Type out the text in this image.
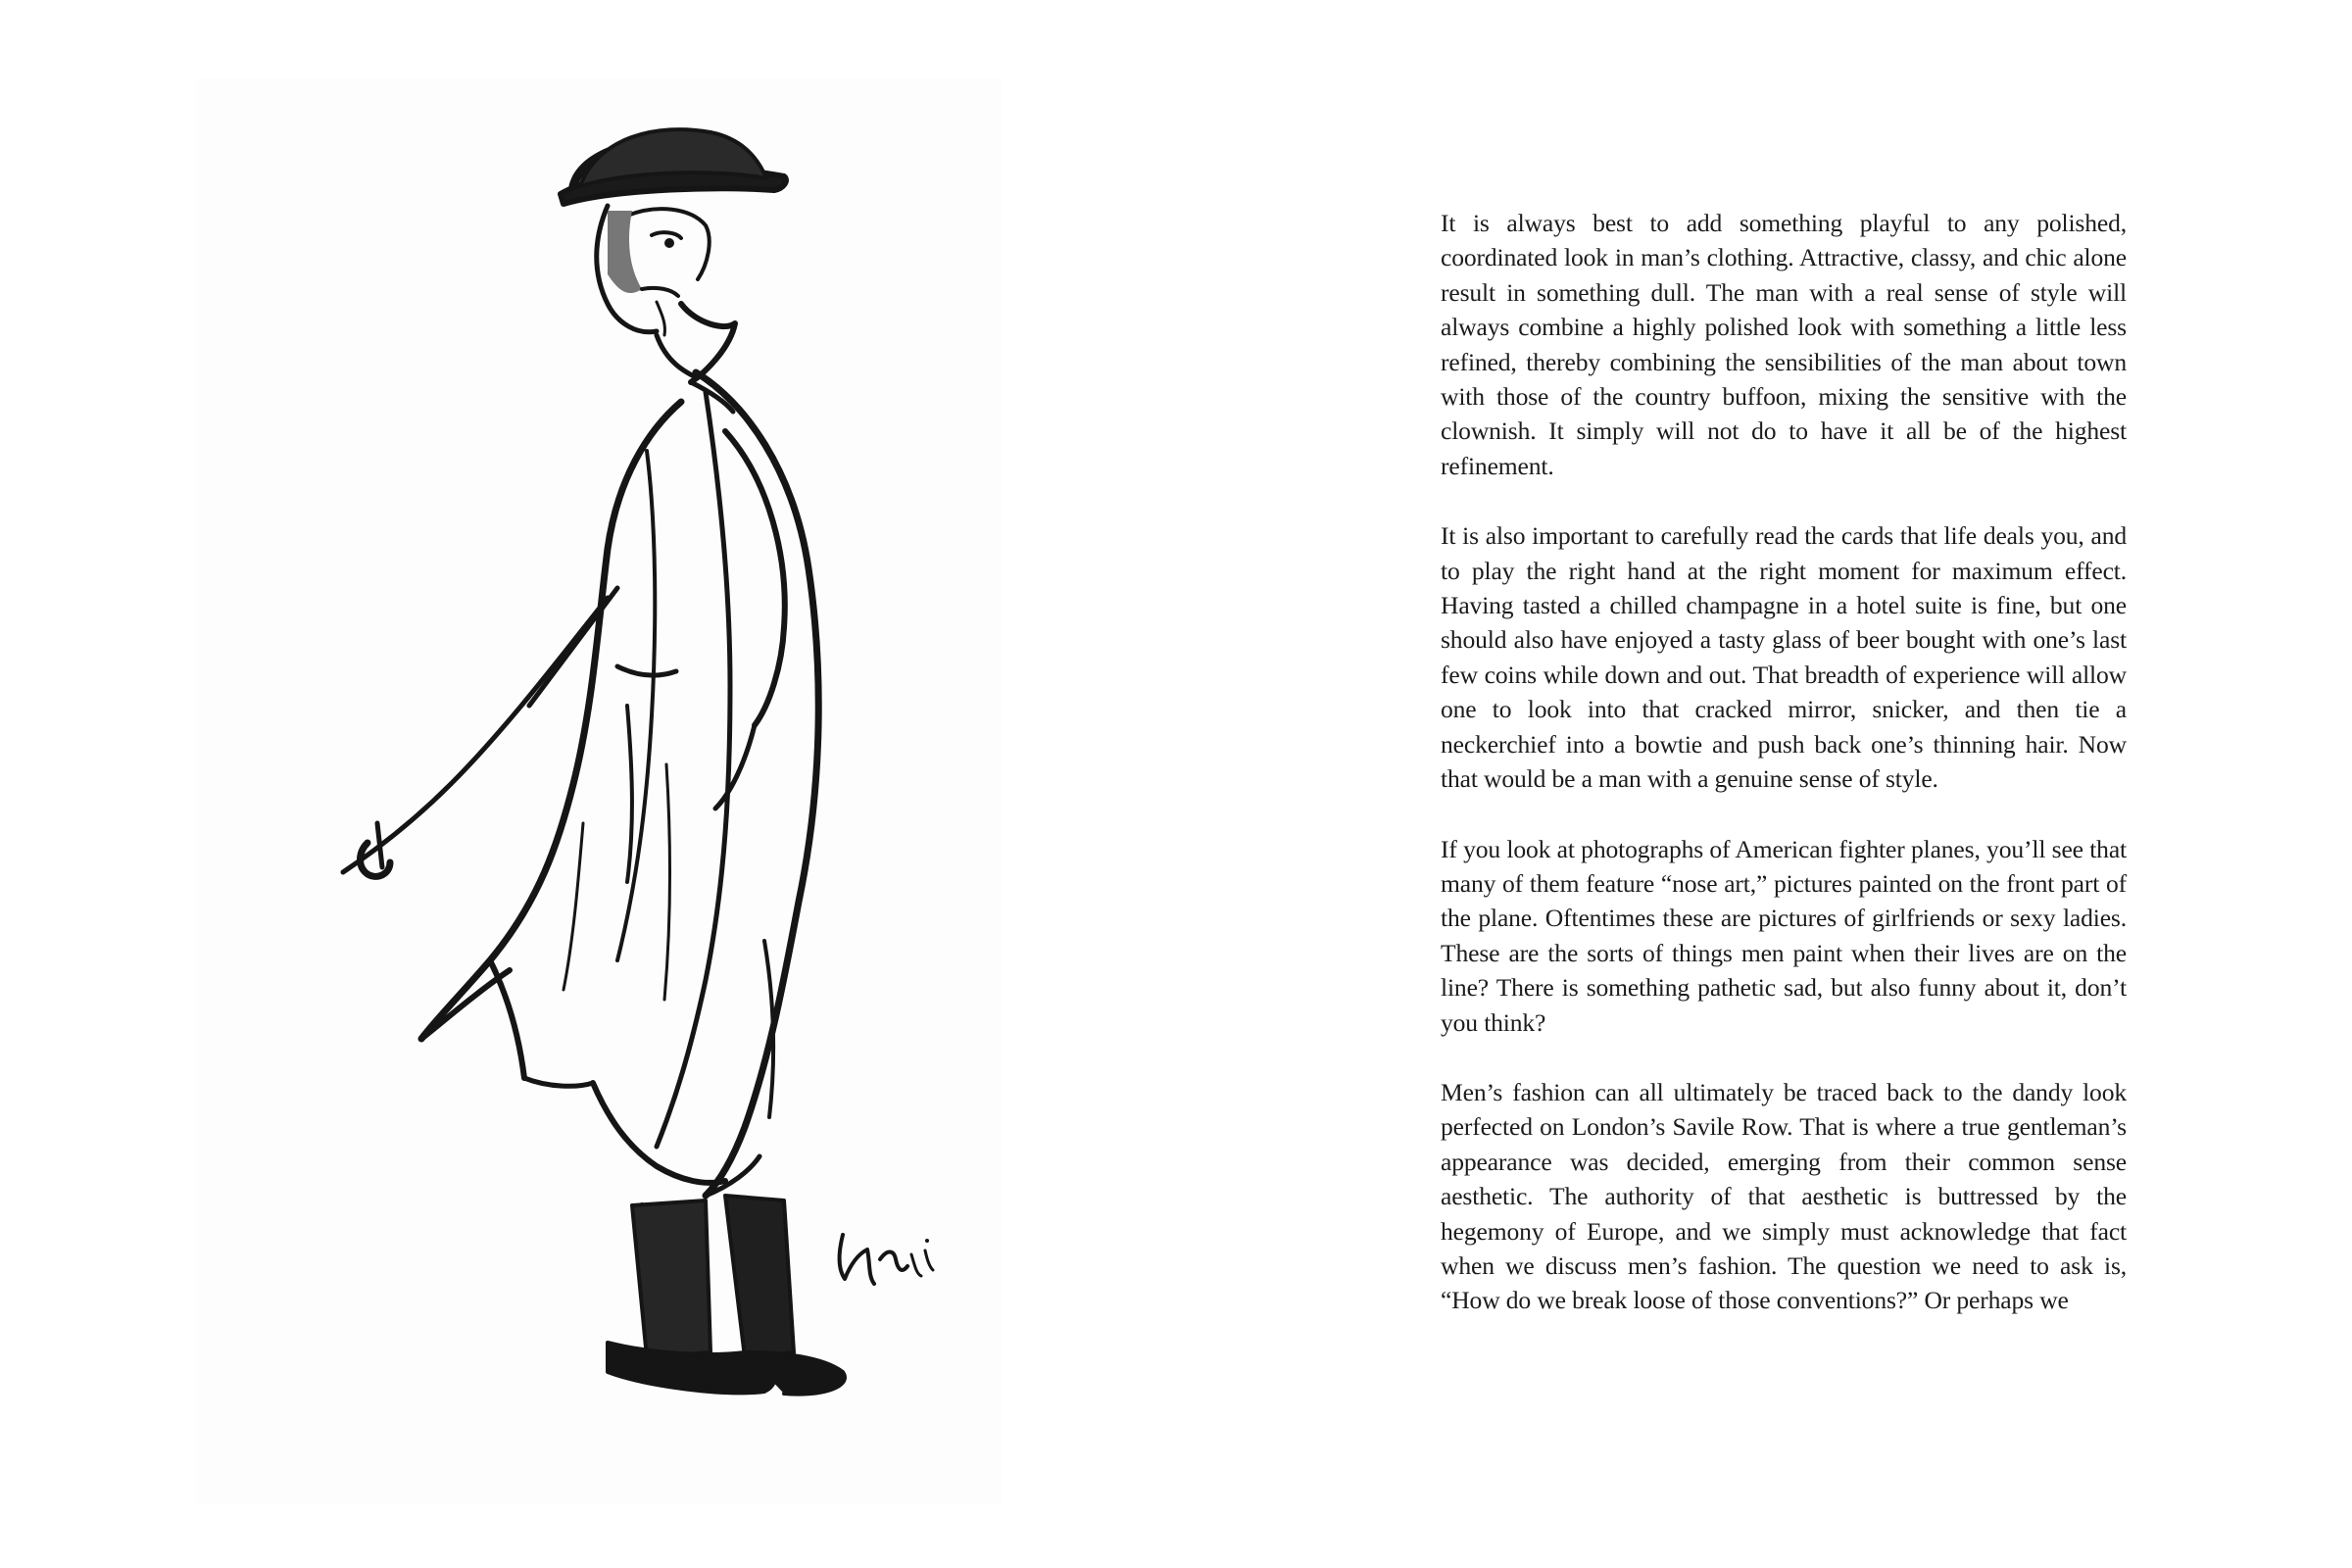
It is always best to add something playful to any polished, coordinated look in man’s clothing. Attractive, classy, and chic alone result in something dull. The man with a real sense of style will always combine a highly polished look with something a little less refined, thereby combining the sensibilities of the man about town with those of the country buffoon, mixing the sensitive with the clownish. It simply will not do to have it all be of the highest refinement.

It is also important to carefully read the cards that life deals you, and to play the right hand at the right moment for maximum effect. Having tasted a chilled champagne in a hotel suite is fine, but one should also have enjoyed a tasty glass of beer bought with one’s last few coins while down and out. That breadth of experience will allow one to look into that cracked mirror, snicker, and then tie a neckerchief into a bowtie and push back one’s thinning hair. Now that would be a man with a genuine sense of style.

If you look at photographs of American fighter planes, you’ll see that many of them feature “nose art,” pictures painted on the front part of the plane. Oftentimes these are pictures of girlfriends or sexy ladies. These are the sorts of things men paint when their lives are on the line? There is something pathetic sad, but also funny about it, don’t you think?

Men’s fashion can all ultimately be traced back to the dandy look perfected on London’s Savile Row. That is where a true gentleman’s appearance was decided, emerging from their common sense aesthetic. The authority of that aesthetic is buttressed by the hegemony of Europe, and we simply must acknowledge that fact when we discuss men’s fashion. The question we need to ask is, “How do we break loose of those conventions?” Or perhaps we
